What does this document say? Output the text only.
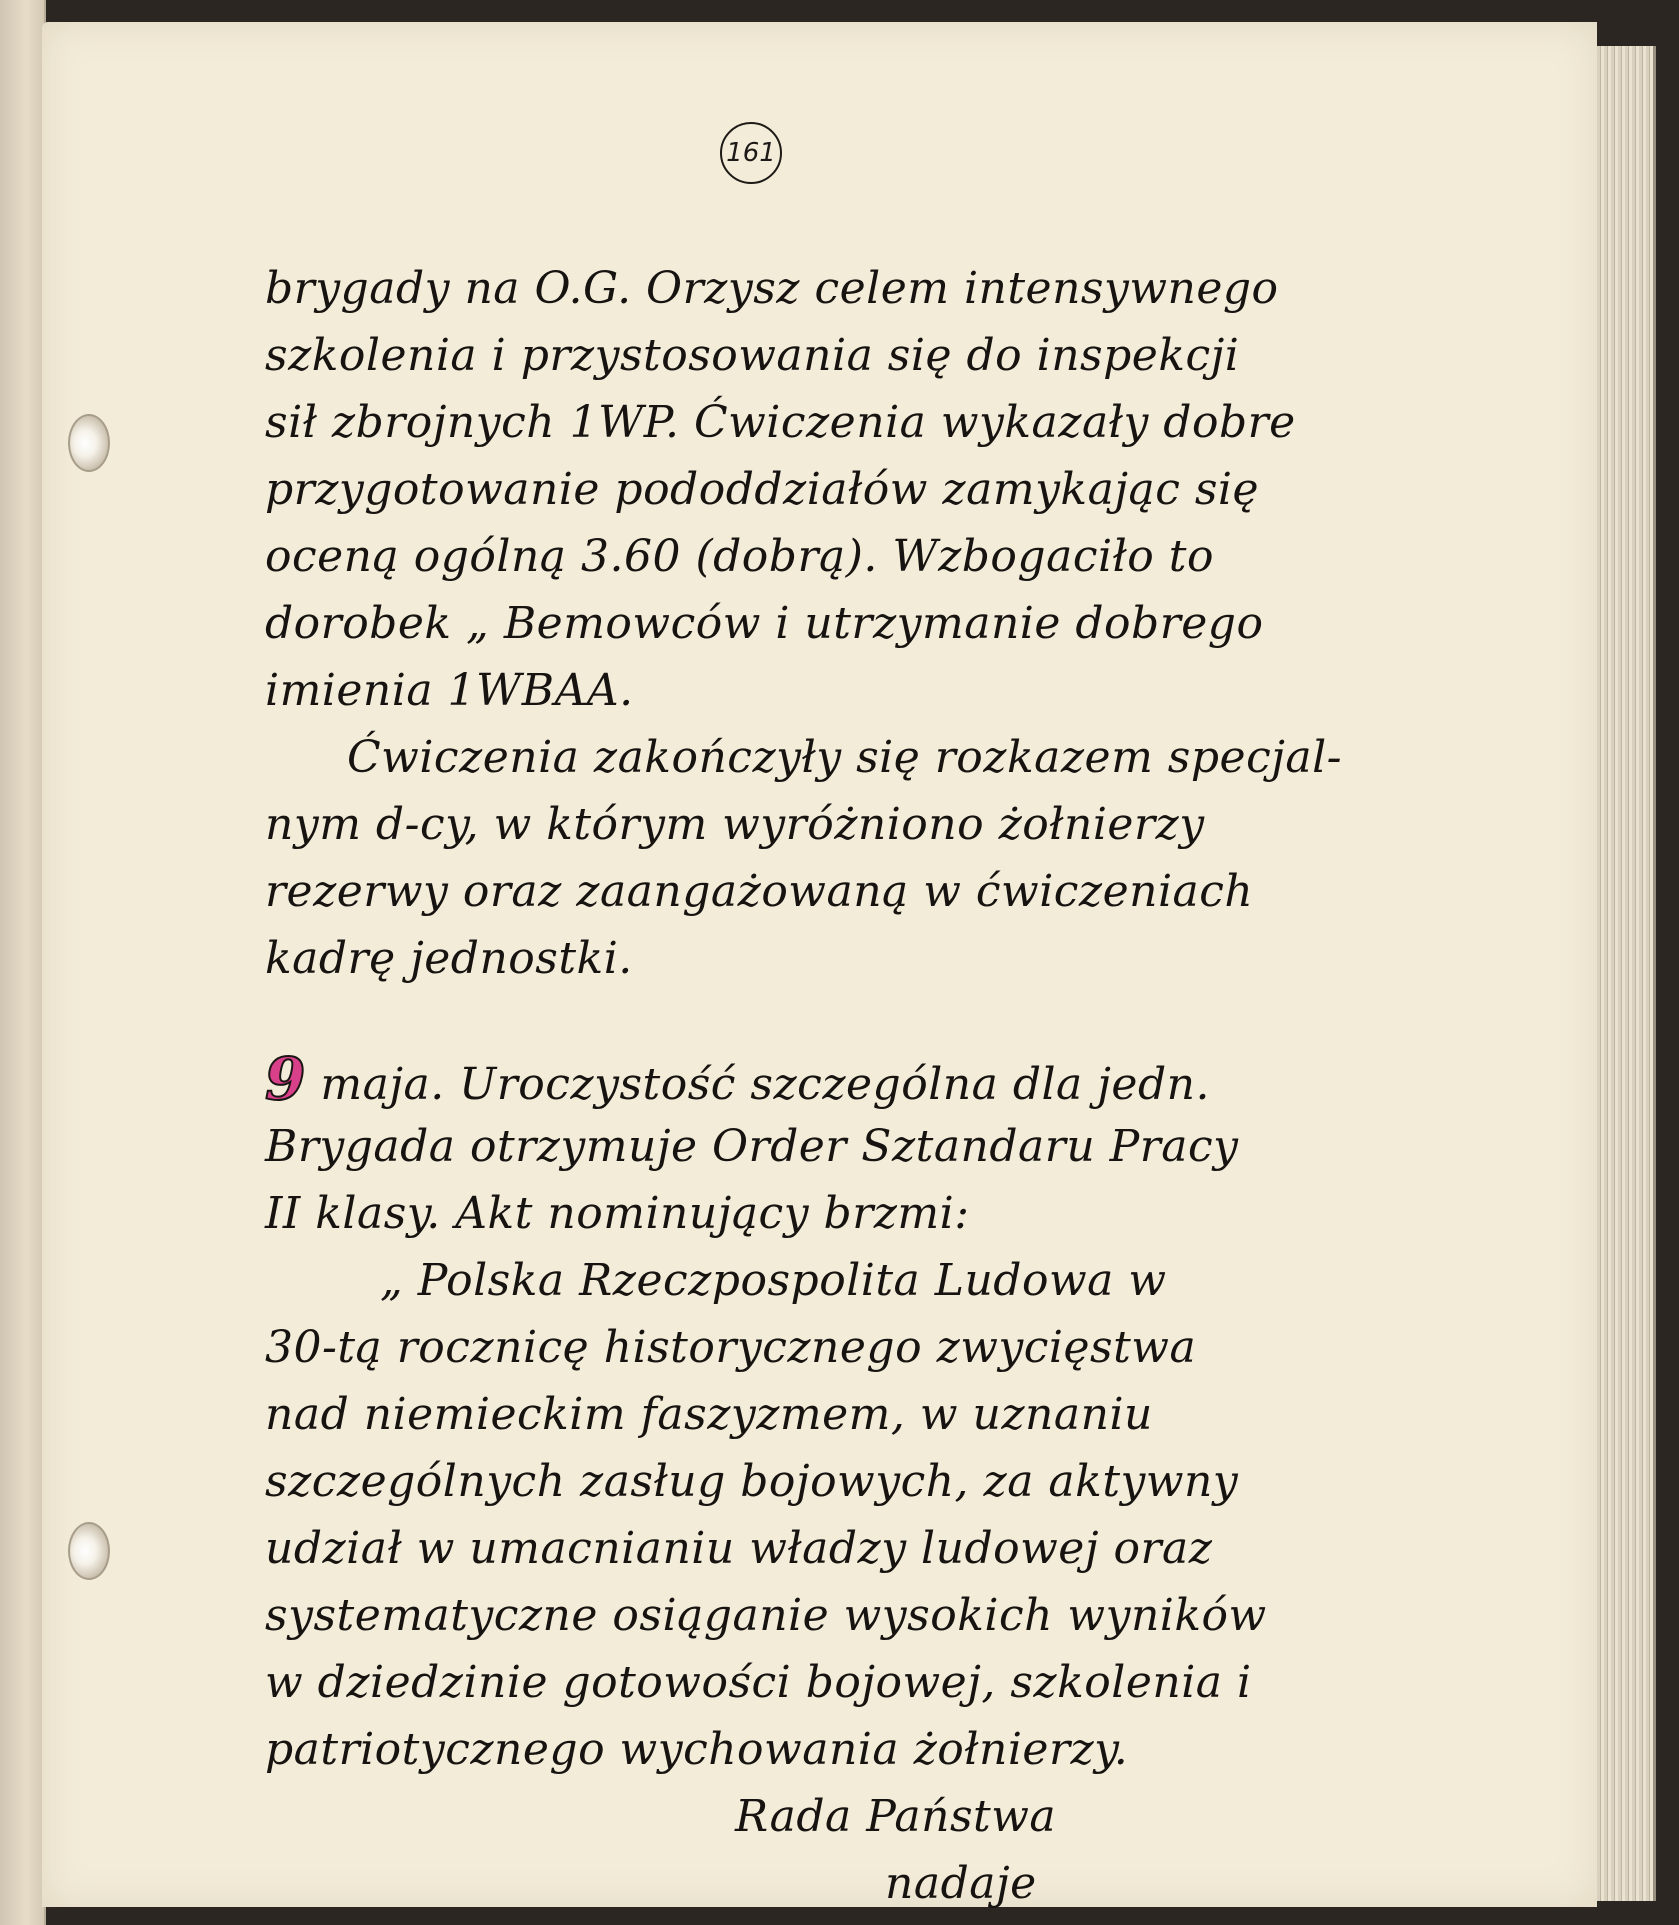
161
brygady na O.G. Orzysz celem intensywnego
szkolenia i przystosowania się do inspekcji
sił zbrojnych 1WP. Ćwiczenia wykazały dobre
przygotowanie pododdziałów zamykając się
oceną ogólną 3.60 (dobrą). Wzbogaciło to
dorobek „ Bemowców i utrzymanie dobrego
imienia 1WBAA.
Ćwiczenia zakończyły się rozkazem specjal-
nym d-cy, w którym wyróżniono żołnierzy
rezerwy oraz zaangażowaną w ćwiczeniach
kadrę jednostki.
9 maja. Uroczystość szczególna dla jedn.
Brygada otrzymuje Order Sztandaru Pracy
II klasy. Akt nominujący brzmi:
„ Polska Rzeczpospolita Ludowa w
30-tą rocznicę historycznego zwycięstwa
nad niemieckim faszyzmem, w uznaniu
szczególnych zasług bojowych, za aktywny
udział w umacnianiu władzy ludowej oraz
systematyczne osiąganie wysokich wyników
w dziedzinie gotowości bojowej, szkolenia i
patriotycznego wychowania żołnierzy.
Rada Państwa
nadaje
